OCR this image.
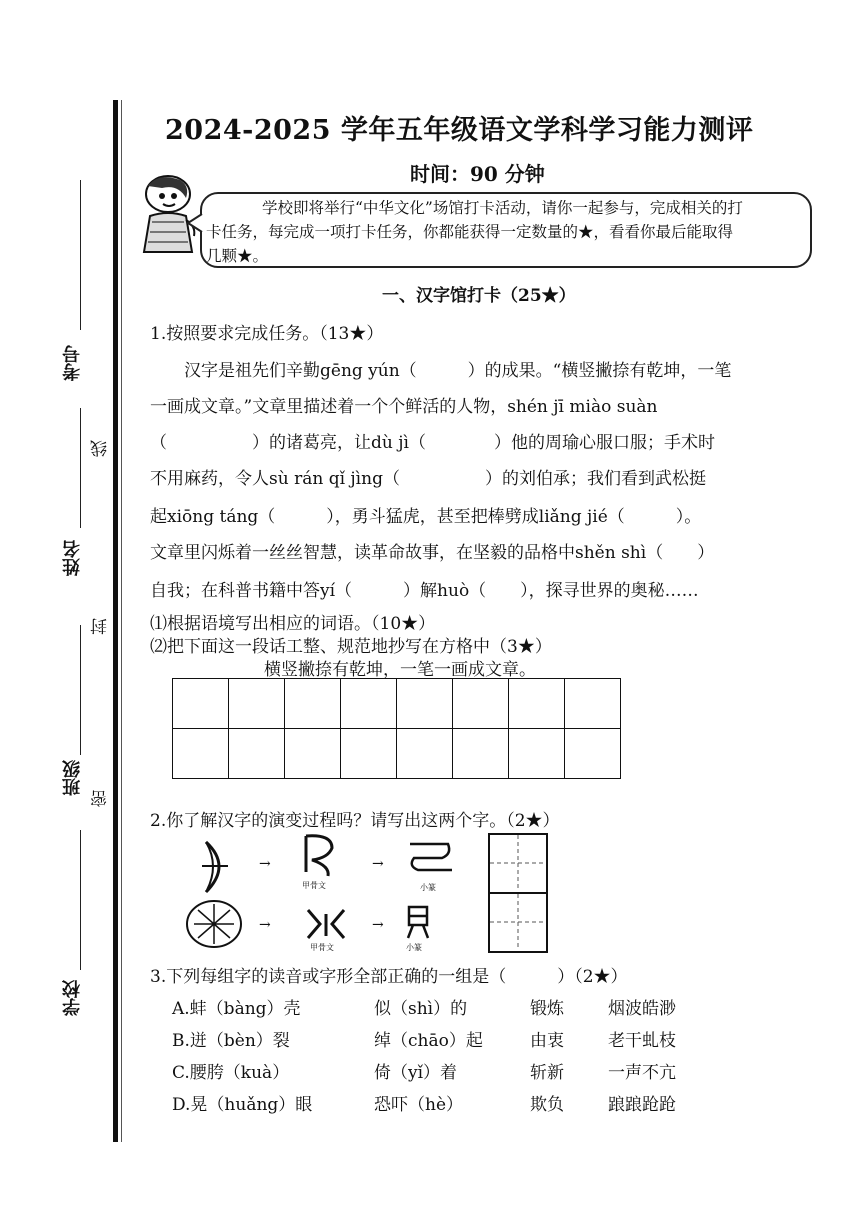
考号
线
姓名
封
班级
密
学校
2024-2025 学年五年级语文学科学习能力测评
时间：90 分钟
学校即将举行“中华文化”场馆打卡活动，请你一起参与，完成相关的打
卡任务，每完成一项打卡任务，你都能获得一定数量的★，看看你最后能取得
几颗★。
一、汉字馆打卡（25★）
1.按照要求完成任务。（13★）
汉字是祖先们辛勤gēng yún（　　　）的成果。“横竖撇捺有乾坤，一笔
一画成文章。”文章里描述着一个个鲜活的人物，shén jī miào suàn
（　　　　　）的诸葛亮，让dù jì（　　　　）他的周瑜心服口服；手术时
不用麻药，令人sù rán qǐ jìng（　　　　　）的刘伯承；我们看到武松挺
起xiōng táng（　　　），勇斗猛虎，甚至把棒劈成liǎng jié（　　　）。
文章里闪烁着一丝丝智慧，读革命故事，在坚毅的品格中shěn shì（　　）
自我；在科普书籍中答yí（　　　）解huò（　　），探寻世界的奥秘……
⑴根据语境写出相应的词语。（10★）
⑵把下面这一段话工整、规范地抄写在方格中（3★）
横竖撇捺有乾坤，一笔一画成文章。

2.你了解汉字的演变过程吗？请写出这两个字。（2★）
→
甲骨文
→
小篆
→
甲骨文
→
小篆
3.下列每组字的读音或字形全部正确的一组是（　　　）（2★）
A.蚌（bàng）壳	似（shì）的	锻炼	烟波皓渺
B.迸（bèn）裂	绰（chāo）起	由衷	老干虬枝
C.腰胯（kuà）	倚（yǐ）着	斩新	一声不亢
D.晃（huǎng）眼	恐吓（hè）	欺负	踉踉跄跄
